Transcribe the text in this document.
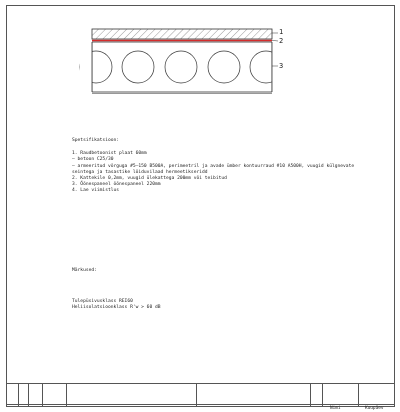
1
2
3
Spetsifikatsioon:
1. Raudbetoonist plaat 60mm
– betoon C25/30
– armeeritud võrguga #5–150 B500A, perimeetril ja avade ümber kontuurraud #10 A500H, vuugid külgnevate
seintega ja tasastike lõiduvilaad hermeetikseridd
2. Kattekile 0,2mm, vuugid ülekattega 200mm või teibitud
3. Õõnespaneel õõnespaneel 220mm
4. Lae viimistlus
Märkused:
Tulepüsivusklass REI60
Heliisolatsioonklass R'w > 60 dB
Nimi	Kuupäev
